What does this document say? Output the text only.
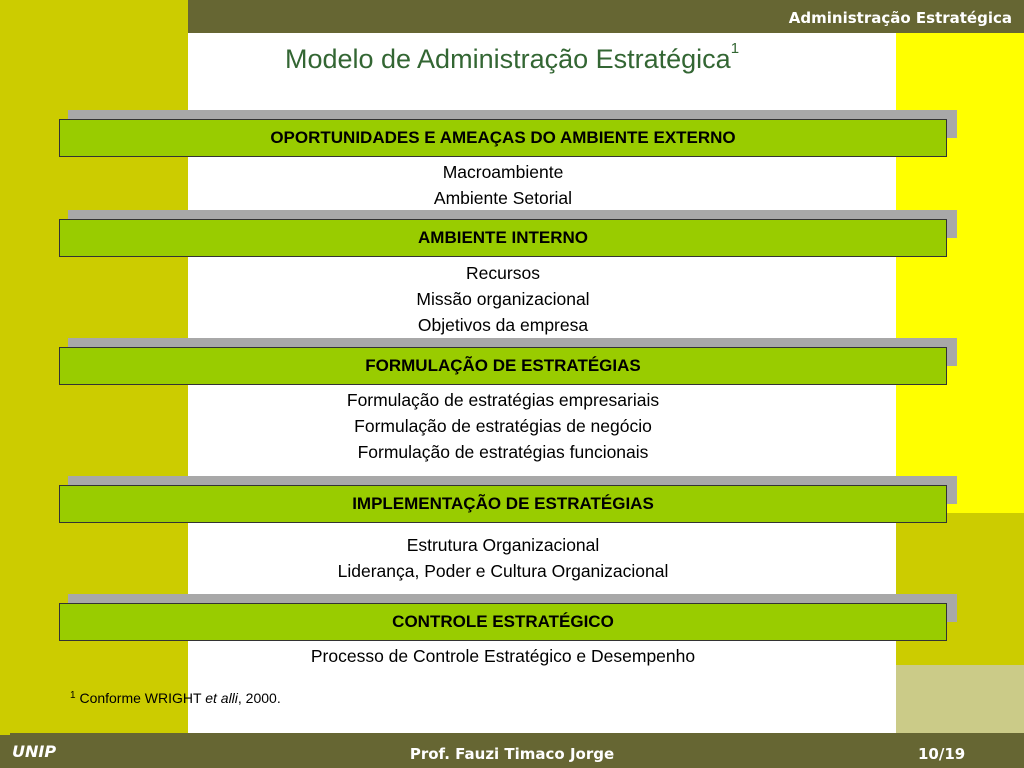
Administração Estratégica
Modelo de Administração Estratégica$^1$
OPORTUNIDADES E AMEAÇAS DO AMBIENTE EXTERNO
Macroambiente
Ambiente Setorial
AMBIENTE INTERNO
Recursos
Missão organizacional
Objetivos da empresa
FORMULAÇÃO DE ESTRATÉGIAS
Formulação de estratégias empresariais
Formulação de estratégias de negócio
Formulação de estratégias funcionais
IMPLEMENTAÇÃO DE ESTRATÉGIAS
Estrutura Organizacional
Liderança, Poder e Cultura Organizacional
CONTROLE ESTRATÉGICO
Processo de Controle Estratégico e Desempenho
$^1$ Conforme WRIGHT et alli, 2000.
UNIP	Prof. Fauzi Timaco Jorge	10/19
